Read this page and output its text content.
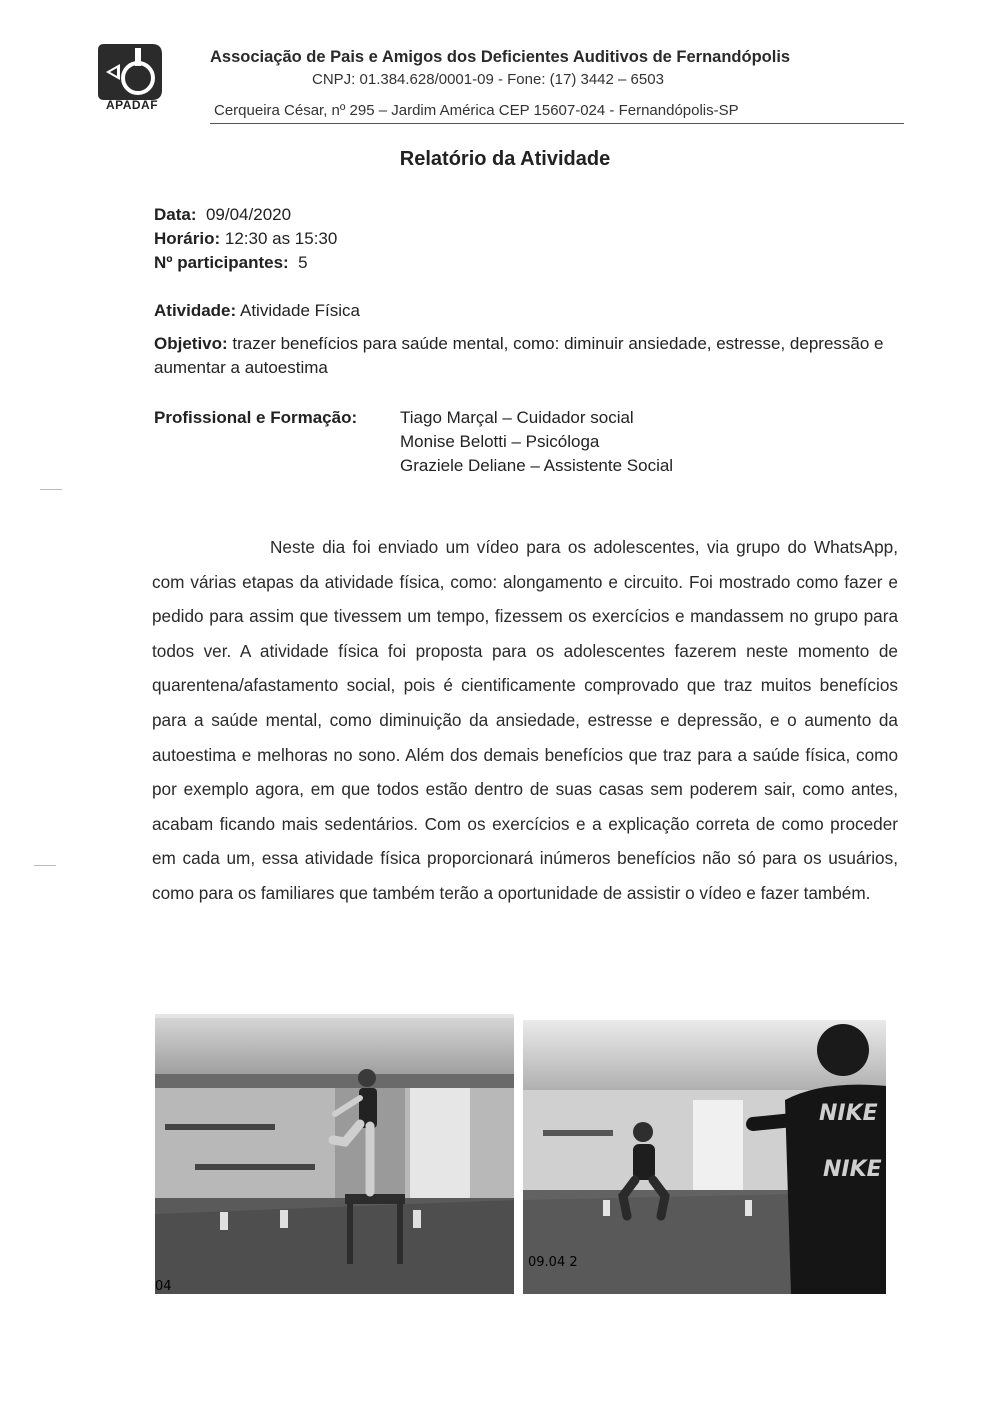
APADAF
Associação de Pais e Amigos dos Deficientes Auditivos de Fernandópolis
CNPJ: 01.384.628/0001-09 - Fone: (17) 3442 – 6503
Cerqueira César, nº 295 – Jardim América CEP 15607-024 - Fernandópolis-SP
Relatório da Atividade
Data: 09/04/2020
Horário: 12:30 as 15:30
Nº participantes: 5
Atividade: Atividade Física
Objetivo: trazer benefícios para saúde mental, como: diminuir ansiedade, estresse, depressão e aumentar a autoestima
Profissional e Formação:	Tiago Marçal – Cuidador social
Monise Belotti – Psicóloga
Graziele Deliane – Assistente Social

Neste dia foi enviado um vídeo para os adolescentes, via grupo do WhatsApp, com várias etapas da atividade física, como: alongamento e circuito. Foi mostrado como fazer e pedido para assim que tivessem um tempo, fizessem os exercícios e mandassem no grupo para todos ver. A atividade física foi proposta para os adolescentes fazerem neste momento de quarentena/afastamento social, pois é cientificamente comprovado que traz muitos benefícios para a saúde mental, como diminuição da ansiedade, estresse e depressão, e o aumento da autoestima e melhoras no sono. Além dos demais benefícios que traz para a saúde física, como por exemplo agora, em que todos estão dentro de suas casas sem poderem sair, como antes, acabam ficando mais sedentários. Com os exercícios e a explicação correta de como proceder em cada um, essa atividade física proporcionará inúmeros benefícios não só para os usuários, como para os familiares que também terão a oportunidade de assistir o vídeo e fazer também.

04
NIKE
NIKE
09.04 2
